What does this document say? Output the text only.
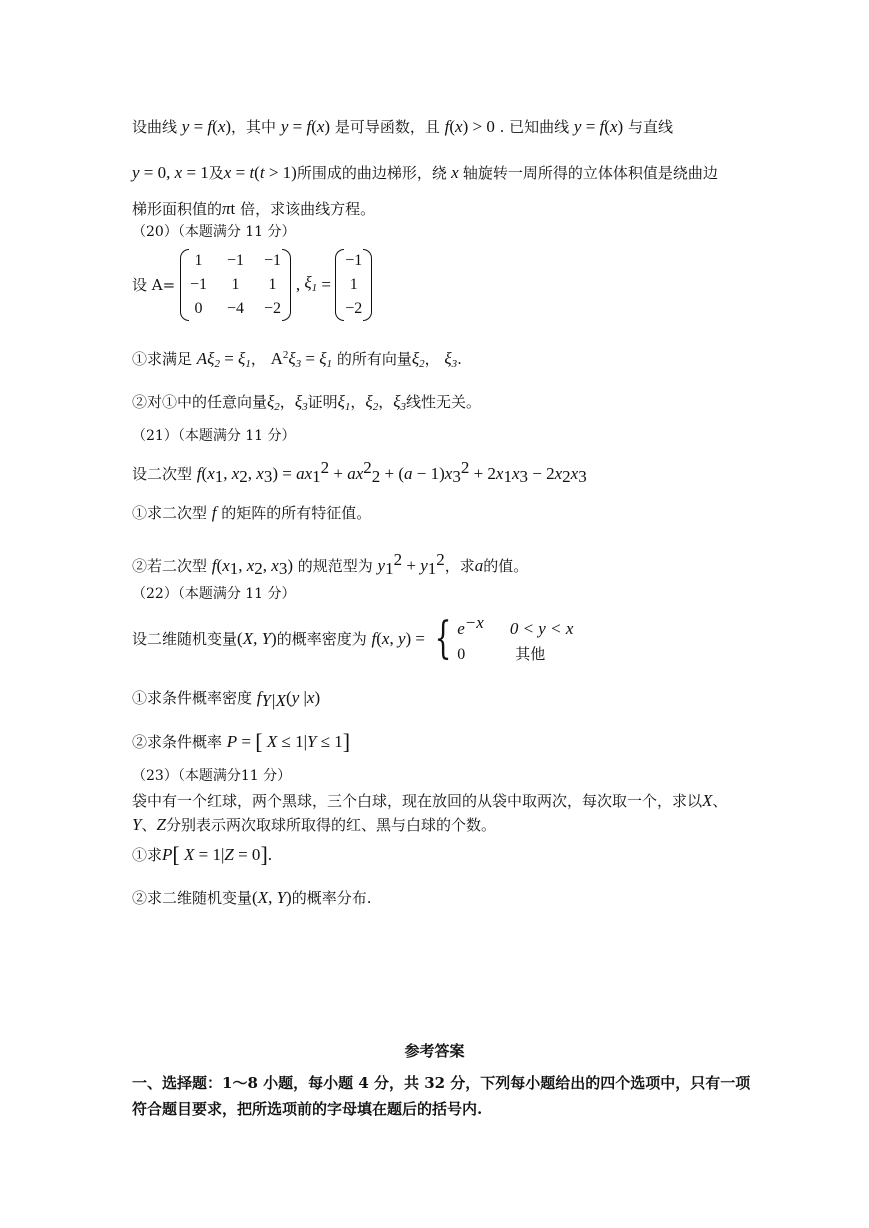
设曲线 y = f(x)，其中 y = f(x) 是可导函数，且 f(x) > 0 . 已知曲线 y = f(x) 与直线
y = 0, x = 1及x = t(t > 1)所围成的曲边梯形，绕 x 轴旋转一周所得的立体体积值是绕曲边
梯形面积值的πt 倍，求该曲线方程。
（20）（本题满分 11 分）
设 A=
1	−1	−1
−1	1	1
0	−4	−2
, $\xi_1$ =
−1
1
−2
①求满足 $A\xi_2 = \xi_1$， $A^2\xi_3 = \xi_1$ 的所有向量$\xi_2$， $\xi_3$.
②对①中的任意向量$\xi_2$，$\xi_3$证明$\xi_1$，$\xi_2$，$\xi_3$线性无关。
（21）（本题满分 11 分）
设二次型 $f(x_1$, $x_2$, $x_3) = ax_1^2 + ax^2_2 + (a - 1)x_3^2 + 2x_1x_3 - 2x_2x_3$
①求二次型 f 的矩阵的所有特征值。
②若二次型 $f(x_1$, $x_2$, $x_3$) 的规范型为 $y_1^2 + y_1^2$，求a的值。
（22）（本题满分 11 分）
设二维随机变量(X, Y)的概率密度为 f(x, y) = { $e^{-x}$ 0 < y < x
0	其他
①求条件概率密度 $f_{Y|X}(y$ |x)
②求条件概率 P = [ X ≤ 1|Y ≤ 1]
（23）（本题满分11 分）
袋中有一个红球，两个黑球，三个白球，现在放回的从袋中取两次，每次取一个，求以X、
Y、Z分别表示两次取球所取得的红、黑与白球的个数。
①求P[ X = 1|Z = 0].
②求二维随机变量(X, Y)的概率分布.
参考答案
一、选择题：1～8 小题，每小题 4 分，共 32 分，下列每小题给出的四个选项中，只有一项
符合题目要求，把所选项前的字母填在题后的括号内.
